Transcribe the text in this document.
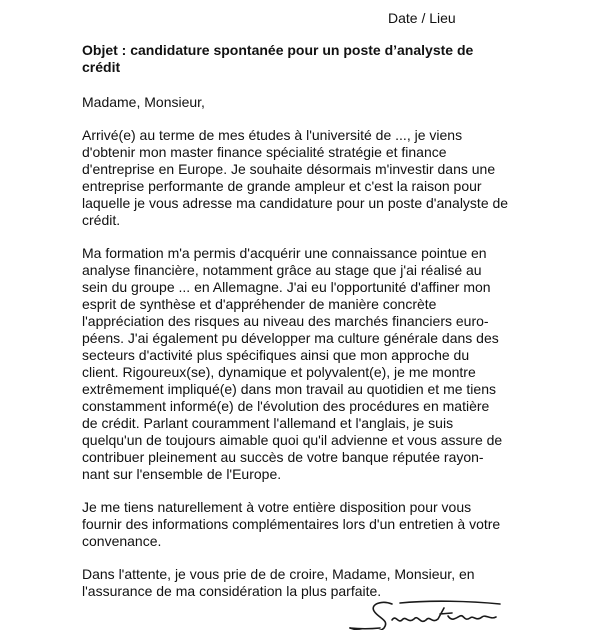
Date / Lieu
Objet : candidature spontanée pour un poste d’analyste de
crédit
Madame, Monsieur,
Arrivé(e) au terme de mes études à l'université de ..., je viens
d'obtenir mon master finance spécialité stratégie et finance
d'entreprise en Europe. Je souhaite désormais m'investir dans une
entreprise performante de grande ampleur et c'est la raison pour
laquelle je vous adresse ma candidature pour un poste d'analyste de
crédit.
Ma formation m'a permis d'acquérir une connaissance pointue en
analyse financière, notamment grâce au stage que j'ai réalisé au
sein du groupe ... en Allemagne. J'ai eu l'opportunité d'affiner mon
esprit de synthèse et d'appréhender de manière concrète
l'appréciation des risques au niveau des marchés financiers euro-
péens. J'ai également pu développer ma culture générale dans des
secteurs d'activité plus spécifiques ainsi que mon approche du
client. Rigoureux(se), dynamique et polyvalent(e), je me montre
extrêmement impliqué(e) dans mon travail au quotidien et me tiens
constamment informé(e) de l'évolution des procédures en matière
de crédit. Parlant couramment l'allemand et l'anglais, je suis
quelqu'un de toujours aimable quoi qu'il advienne et vous assure de
contribuer pleinement au succès de votre banque réputée rayon-
nant sur l'ensemble de l'Europe.
Je me tiens naturellement à votre entière disposition pour vous
fournir des informations complémentaires lors d'un entretien à votre
convenance.
Dans l'attente, je vous prie de de croire, Madame, Monsieur, en
l'assurance de ma considération la plus parfaite.
